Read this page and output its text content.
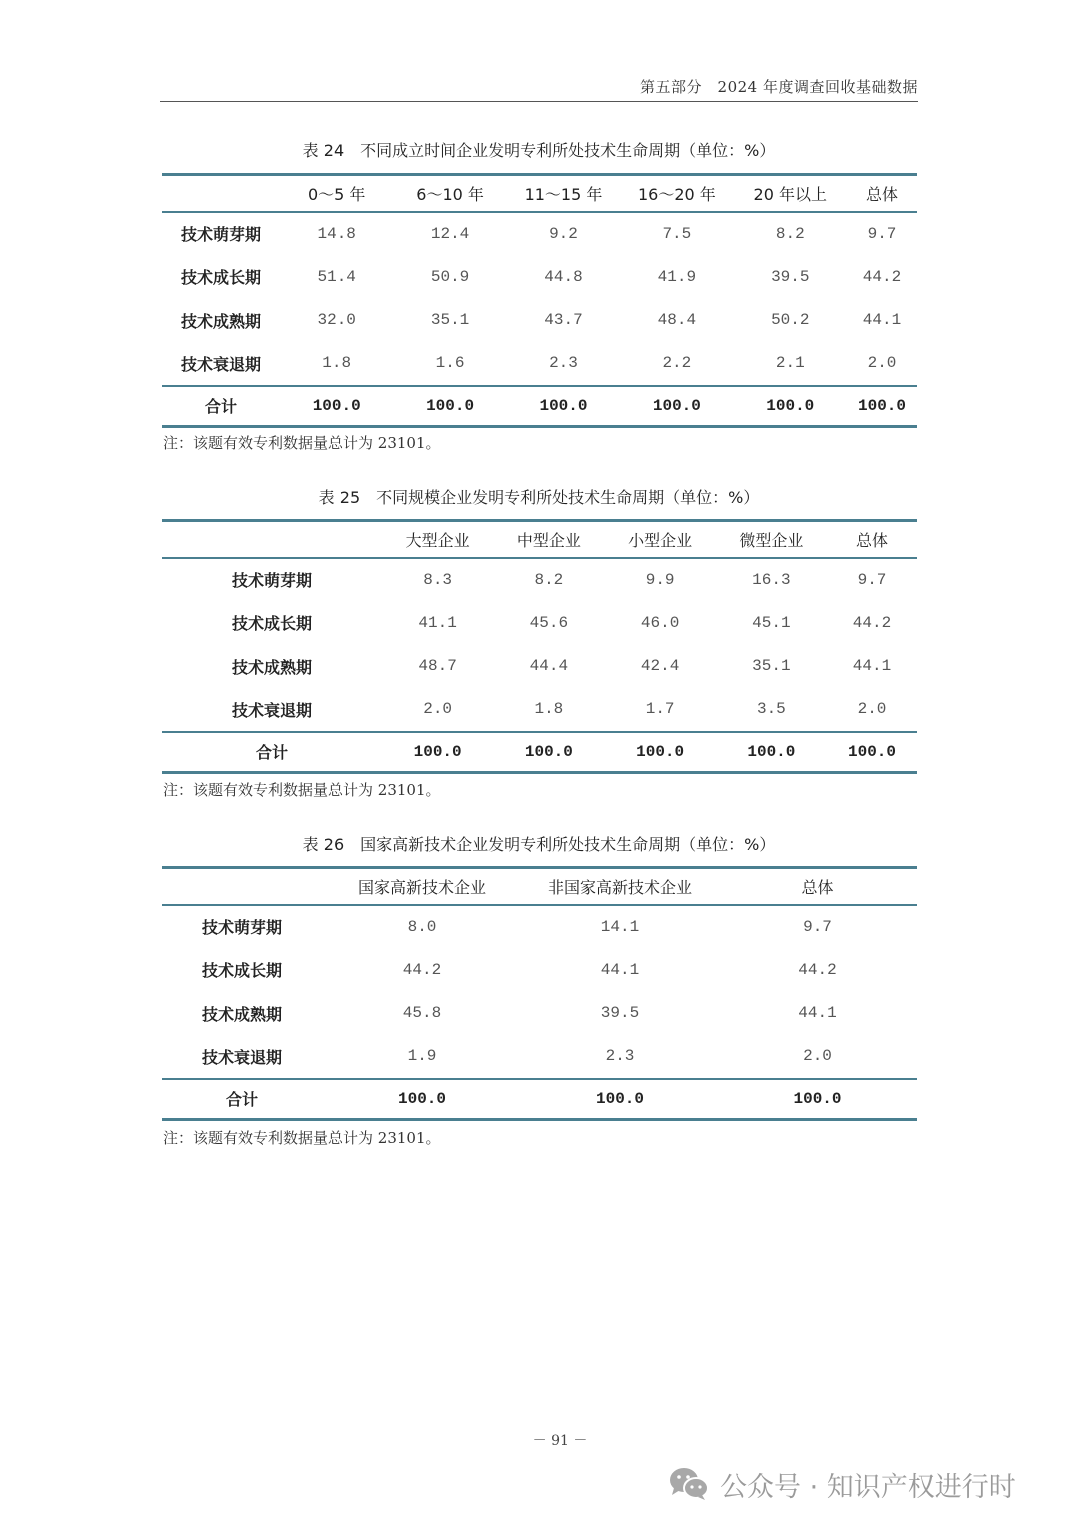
第五部分　2024 年度调查回收基础数据
表 24　不同成立时间企业发明专利所处技术生命周期（单位：%）
	0～5 年	6～10 年	11～15 年	16～20 年	20 年以上	总体
技术萌芽期	14.8	12.4	9.2	7.5	8.2	9.7
技术成长期	51.4	50.9	44.8	41.9	39.5	44.2
技术成熟期	32.0	35.1	43.7	48.4	50.2	44.1
技术衰退期	1.8	1.6	2.3	2.2	2.1	2.0
合计	100.0	100.0	100.0	100.0	100.0	100.0
注：该题有效专利数据量总计为 23101。
表 25　不同规模企业发明专利所处技术生命周期（单位：%）
	大型企业	中型企业	小型企业	微型企业	总体
技术萌芽期	8.3	8.2	9.9	16.3	9.7
技术成长期	41.1	45.6	46.0	45.1	44.2
技术成熟期	48.7	44.4	42.4	35.1	44.1
技术衰退期	2.0	1.8	1.7	3.5	2.0
合计	100.0	100.0	100.0	100.0	100.0
注：该题有效专利数据量总计为 23101。
表 26　国家高新技术企业发明专利所处技术生命周期（单位：%）
	国家高新技术企业	非国家高新技术企业	总体
技术萌芽期	8.0	14.1	9.7
技术成长期	44.2	44.1	44.2
技术成熟期	45.8	39.5	44.1
技术衰退期	1.9	2.3	2.0
合计	100.0	100.0	100.0
注：该题有效专利数据量总计为 23101。
－ 91 －
公众号 · 知识产权进行时
